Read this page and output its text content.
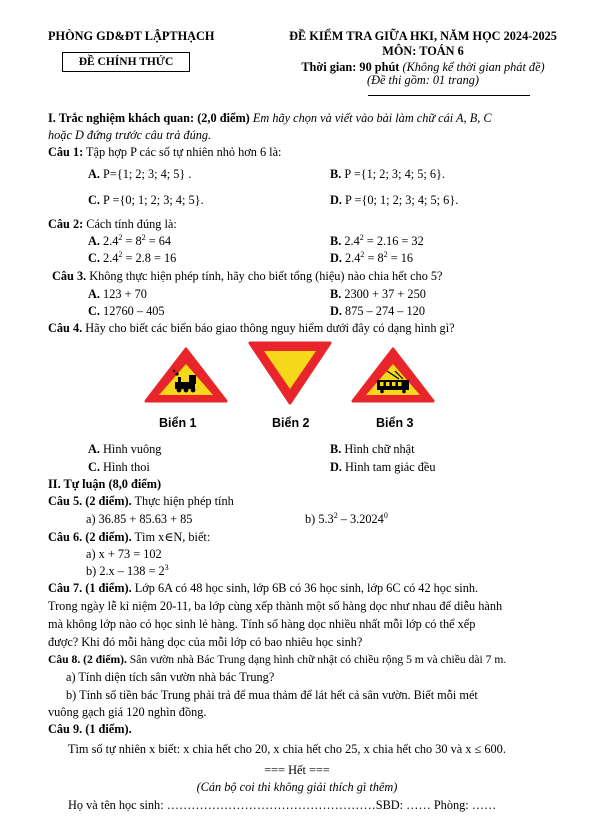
PHÒNG GD&ĐT LẬPTHẠCH
ĐỀ CHÍNH THỨC
ĐỀ KIỂM TRA GIỮA HKI, NĂM HỌC 2024-2025
MÔN: TOÁN 6
Thời gian: 90 phút (Không kể thời gian phát đề)
(Đề thi gồm: 01 trang)
I. Trắc nghiệm khách quan: (2,0 điểm) Em hãy chọn và viết vào bài làm chữ cái A, B, C
hoặc D đứng trước câu trả đúng.
Câu 1: Tập hợp P các số tự nhiên nhỏ hơn 6 là:
A. P={1; 2; 3; 4; 5} .	B. P ={1; 2; 3; 4; 5; 6}.
C. P ={0; 1; 2; 3; 4; 5}.	D. P ={0; 1; 2; 3; 4; 5; 6}.
Câu 2: Cách tính đúng là:
A. $2.4^2 = 8^2 = 64$	B. $2.4^2 = 2.16 = 32$
C. $2.4^2 = 2.8 = 16$	D. $2.4^2 = 8^2 = 16$
Câu 3. Không thực hiện phép tính, hãy cho biết tổng (hiệu) nào chia hết cho 5?
A. 123 + 70	B. 2300 + 37 + 250
C. 12760 – 405	D. 875 – 274 – 120
Câu 4. Hãy cho biết các biển báo giao thông nguy hiểm dưới đây có dạng hình gì?
Biển 1	Biển 2	Biển 3
A. Hình vuông	B. Hình chữ nhật
C. Hình thoi	D. Hình tam giác đều
II. Tự luận (8,0 điểm)
Câu 5. (2 điểm). Thực hiện phép tính
a) 36.85 + 85.63 + 85	b) $5.3^2 - 3.2024^0$
Câu 6. (2 điểm). Tìm x∈N, biết:
a) x + 73 = 102
b) $2.x - 138 = 2^3$
Câu 7. (1 điểm). Lớp 6A có 48 học sinh, lớp 6B có 36 học sinh, lớp 6C có 42 học sinh.
Trong ngày lễ kỉ niệm 20-11, ba lớp cùng xếp thành một số hàng dọc như nhau để diễu hành
mà không lớp nào có học sinh lẻ hàng. Tính số hàng dọc nhiều nhất mỗi lớp có thể xếp
được? Khi đó mỗi hàng dọc của mỗi lớp có bao nhiêu học sinh?
Câu 8. (2 điểm). Sân vườn nhà Bác Trung dạng hình chữ nhật có chiều rộng 5 m và chiều dài 7 m.
a) Tính diện tích sân vườn nhà bác Trung?
b) Tính số tiền bác Trung phải trả để mua thảm để lát hết cả sân vườn. Biết mỗi mét
vuông gạch giá 120 nghìn đồng.
Câu 9. (1 điểm).
Tìm số tự nhiên x biết: x chia hết cho 20, x chia hết cho 25, x chia hết cho 30 và x ≤ 600.
=== Hết ===
(Cán bộ coi thi không giải thích gì thêm)
Họ và tên học sinh: ……………………………………………SBD: …… Phòng: ……
